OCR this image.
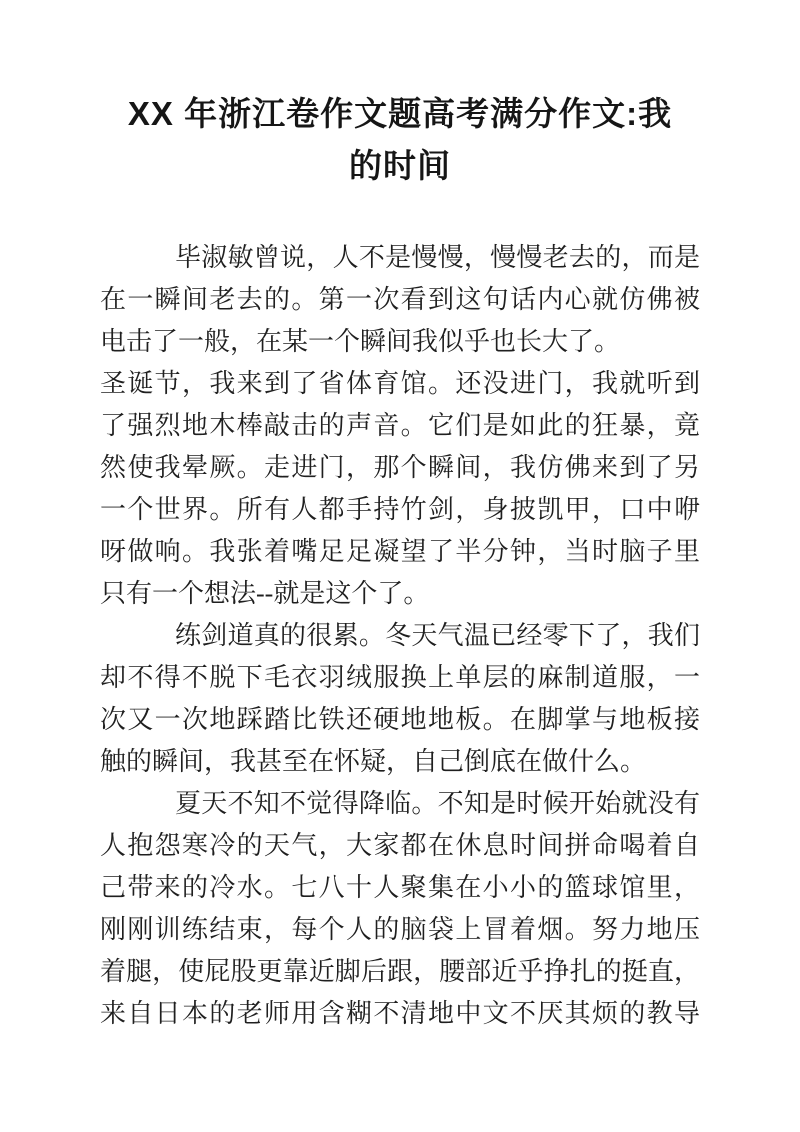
XX 年浙江卷作文题高考满分作文:我
的时间

毕淑敏曾说，人不是慢慢，慢慢老去的，而是
在一瞬间老去的。第一次看到这句话内心就仿佛被
电击了一般，在某一个瞬间我似乎也长大了。

圣诞节，我来到了省体育馆。还没进门，我就听到
了强烈地木棒敲击的声音。它们是如此的狂暴，竟
然使我晕厥。走进门，那个瞬间，我仿佛来到了另
一个世界。所有人都手持竹剑，身披凯甲，口中咿
呀做响。我张着嘴足足凝望了半分钟，当时脑子里
只有一个想法--就是这个了。

练剑道真的很累。冬天气温已经零下了，我们
却不得不脱下毛衣羽绒服换上单层的麻制道服，一
次又一次地踩踏比铁还硬地地板。在脚掌与地板接
触的瞬间，我甚至在怀疑，自己倒底在做什么。

夏天不知不觉得降临。不知是时候开始就没有
人抱怨寒冷的天气，大家都在休息时间拼命喝着自
己带来的冷水。七八十人聚集在小小的篮球馆里，
刚刚训练结束，每个人的脑袋上冒着烟。努力地压
着腿，使屁股更靠近脚后跟，腰部近乎挣扎的挺直，
来自日本的老师用含糊不清地中文不厌其烦的教导
